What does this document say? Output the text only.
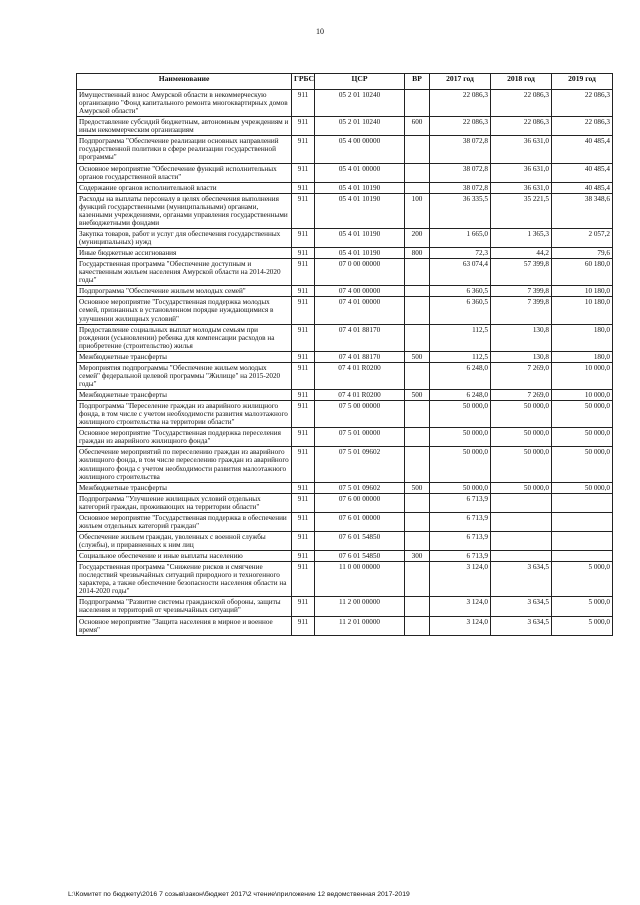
10
Наименование	ГРБС	ЦСР	ВР	2017 год	2018 год	2019 год
Имущественный взнос Амурской области в некоммерческую организацию "Фонд капитального ремонта многоквартирных домов Амурской области"	911	05 2 01 10240		22 086,3	22 086,3	22 086,3
Предоставление субсидий бюджетным, автономным учреждениям и иным некоммерческим организациям	911	05 2 01 10240	600	22 086,3	22 086,3	22 086,3
Подпрограмма "Обеспечение реализации основных направлений государственной политики в сфере реализации государственной программы"	911	05 4 00 00000		38 072,8	36 631,0	40 485,4
Основное мероприятие "Обеспечение функций исполнительных органов государственной власти"	911	05 4 01 00000		38 072,8	36 631,0	40 485,4
Содержание органов исполнительной власти	911	05 4 01 10190		38 072,8	36 631,0	40 485,4
Расходы на выплаты персоналу в целях обеспечения выполнения функций государственными (муниципальными) органами, казенными учреждениями, органами управления государственными внебюджетными фондами	911	05 4 01 10190	100	36 335,5	35 221,5	38 348,6
Закупка товаров, работ и услуг для обеспечения государственных (муниципальных) нужд	911	05 4 01 10190	200	1 665,0	1 365,3	2 057,2
Иные бюджетные ассигнования	911	05 4 01 10190	800	72,3	44,2	79,6
Государственная программа "Обеспечение доступным и качественным жильем населения Амурской области на 2014-2020 годы"	911	07 0 00 00000		63 074,4	57 399,8	60 180,0
Подпрограмма "Обеспечение жильем молодых семей"	911	07 4 00 00000		6 360,5	7 399,8	10 180,0
Основное мероприятие "Государственная поддержка молодых семей, признанных в установленном порядке нуждающимися в улучшении жилищных условий"	911	07 4 01 00000		6 360,5	7 399,8	10 180,0
Предоставление социальных выплат молодым семьям при рождении (усыновлении) ребенка для компенсации расходов на приобретение (строительство) жилья	911	07 4 01 88170		112,5	130,8	180,0
Межбюджетные трансферты	911	07 4 01 88170	500	112,5	130,8	180,0
Мероприятия подпрограммы "Обеспечение жильем молодых семей" федеральной целевой программы "Жилище" на 2015-2020 годы"	911	07 4 01 R0200		6 248,0	7 269,0	10 000,0
Межбюджетные трансферты	911	07 4 01 R0200	500	6 248,0	7 269,0	10 000,0
Подпрограмма "Переселение граждан из аварийного жилищного фонда, в том числе с учетом необходимости развития малоэтажного жилищного строительства на территории области"	911	07 5 00 00000		50 000,0	50 000,0	50 000,0
Основное мероприятие "Государственная поддержка переселения граждан из аварийного жилищного фонда"	911	07 5 01 00000		50 000,0	50 000,0	50 000,0
Обеспечение мероприятий по переселению граждан из аварийного жилищного фонда, в том числе переселению граждан из аварийного жилищного фонда с учетом необходимости развития малоэтажного жилищного строительства	911	07 5 01 09602		50 000,0	50 000,0	50 000,0
Межбюджетные трансферты	911	07 5 01 09602	500	50 000,0	50 000,0	50 000,0
Подпрограмма "Улучшение жилищных условий отдельных категорий граждан, проживающих на территории области"	911	07 6 00 00000		6 713,9		
Основное мероприятие "Государственная поддержка в обеспечении жильем отдельных категорий граждан"	911	07 6 01 00000		6 713,9		
Обеспечение жильем граждан, уволенных с военной службы (службы), и приравненных к ним лиц	911	07 6 01 54850		6 713,9		
Социальное обеспечение и иные выплаты населению	911	07 6 01 54850	300	6 713,9		
Государственная программа "Снижение рисков и смягчение последствий чрезвычайных ситуаций природного и техногенного характера, а также обеспечение безопасности населения области на 2014-2020 годы"	911	11 0 00 00000		3 124,0	3 634,5	5 000,0
Подпрограмма "Развитие системы гражданской обороны, защиты населения и территорий от чрезвычайных ситуаций"	911	11 2 00 00000		3 124,0	3 634,5	5 000,0
Основное мероприятие "Защита населения в мирное и военное время"	911	11 2 01 00000		3 124,0	3 634,5	5 000,0
L:\Комитет по бюджету\2016 7 созыв\закон\бюджет 2017\2 чтение\приложение 12 ведомственная 2017-2019
